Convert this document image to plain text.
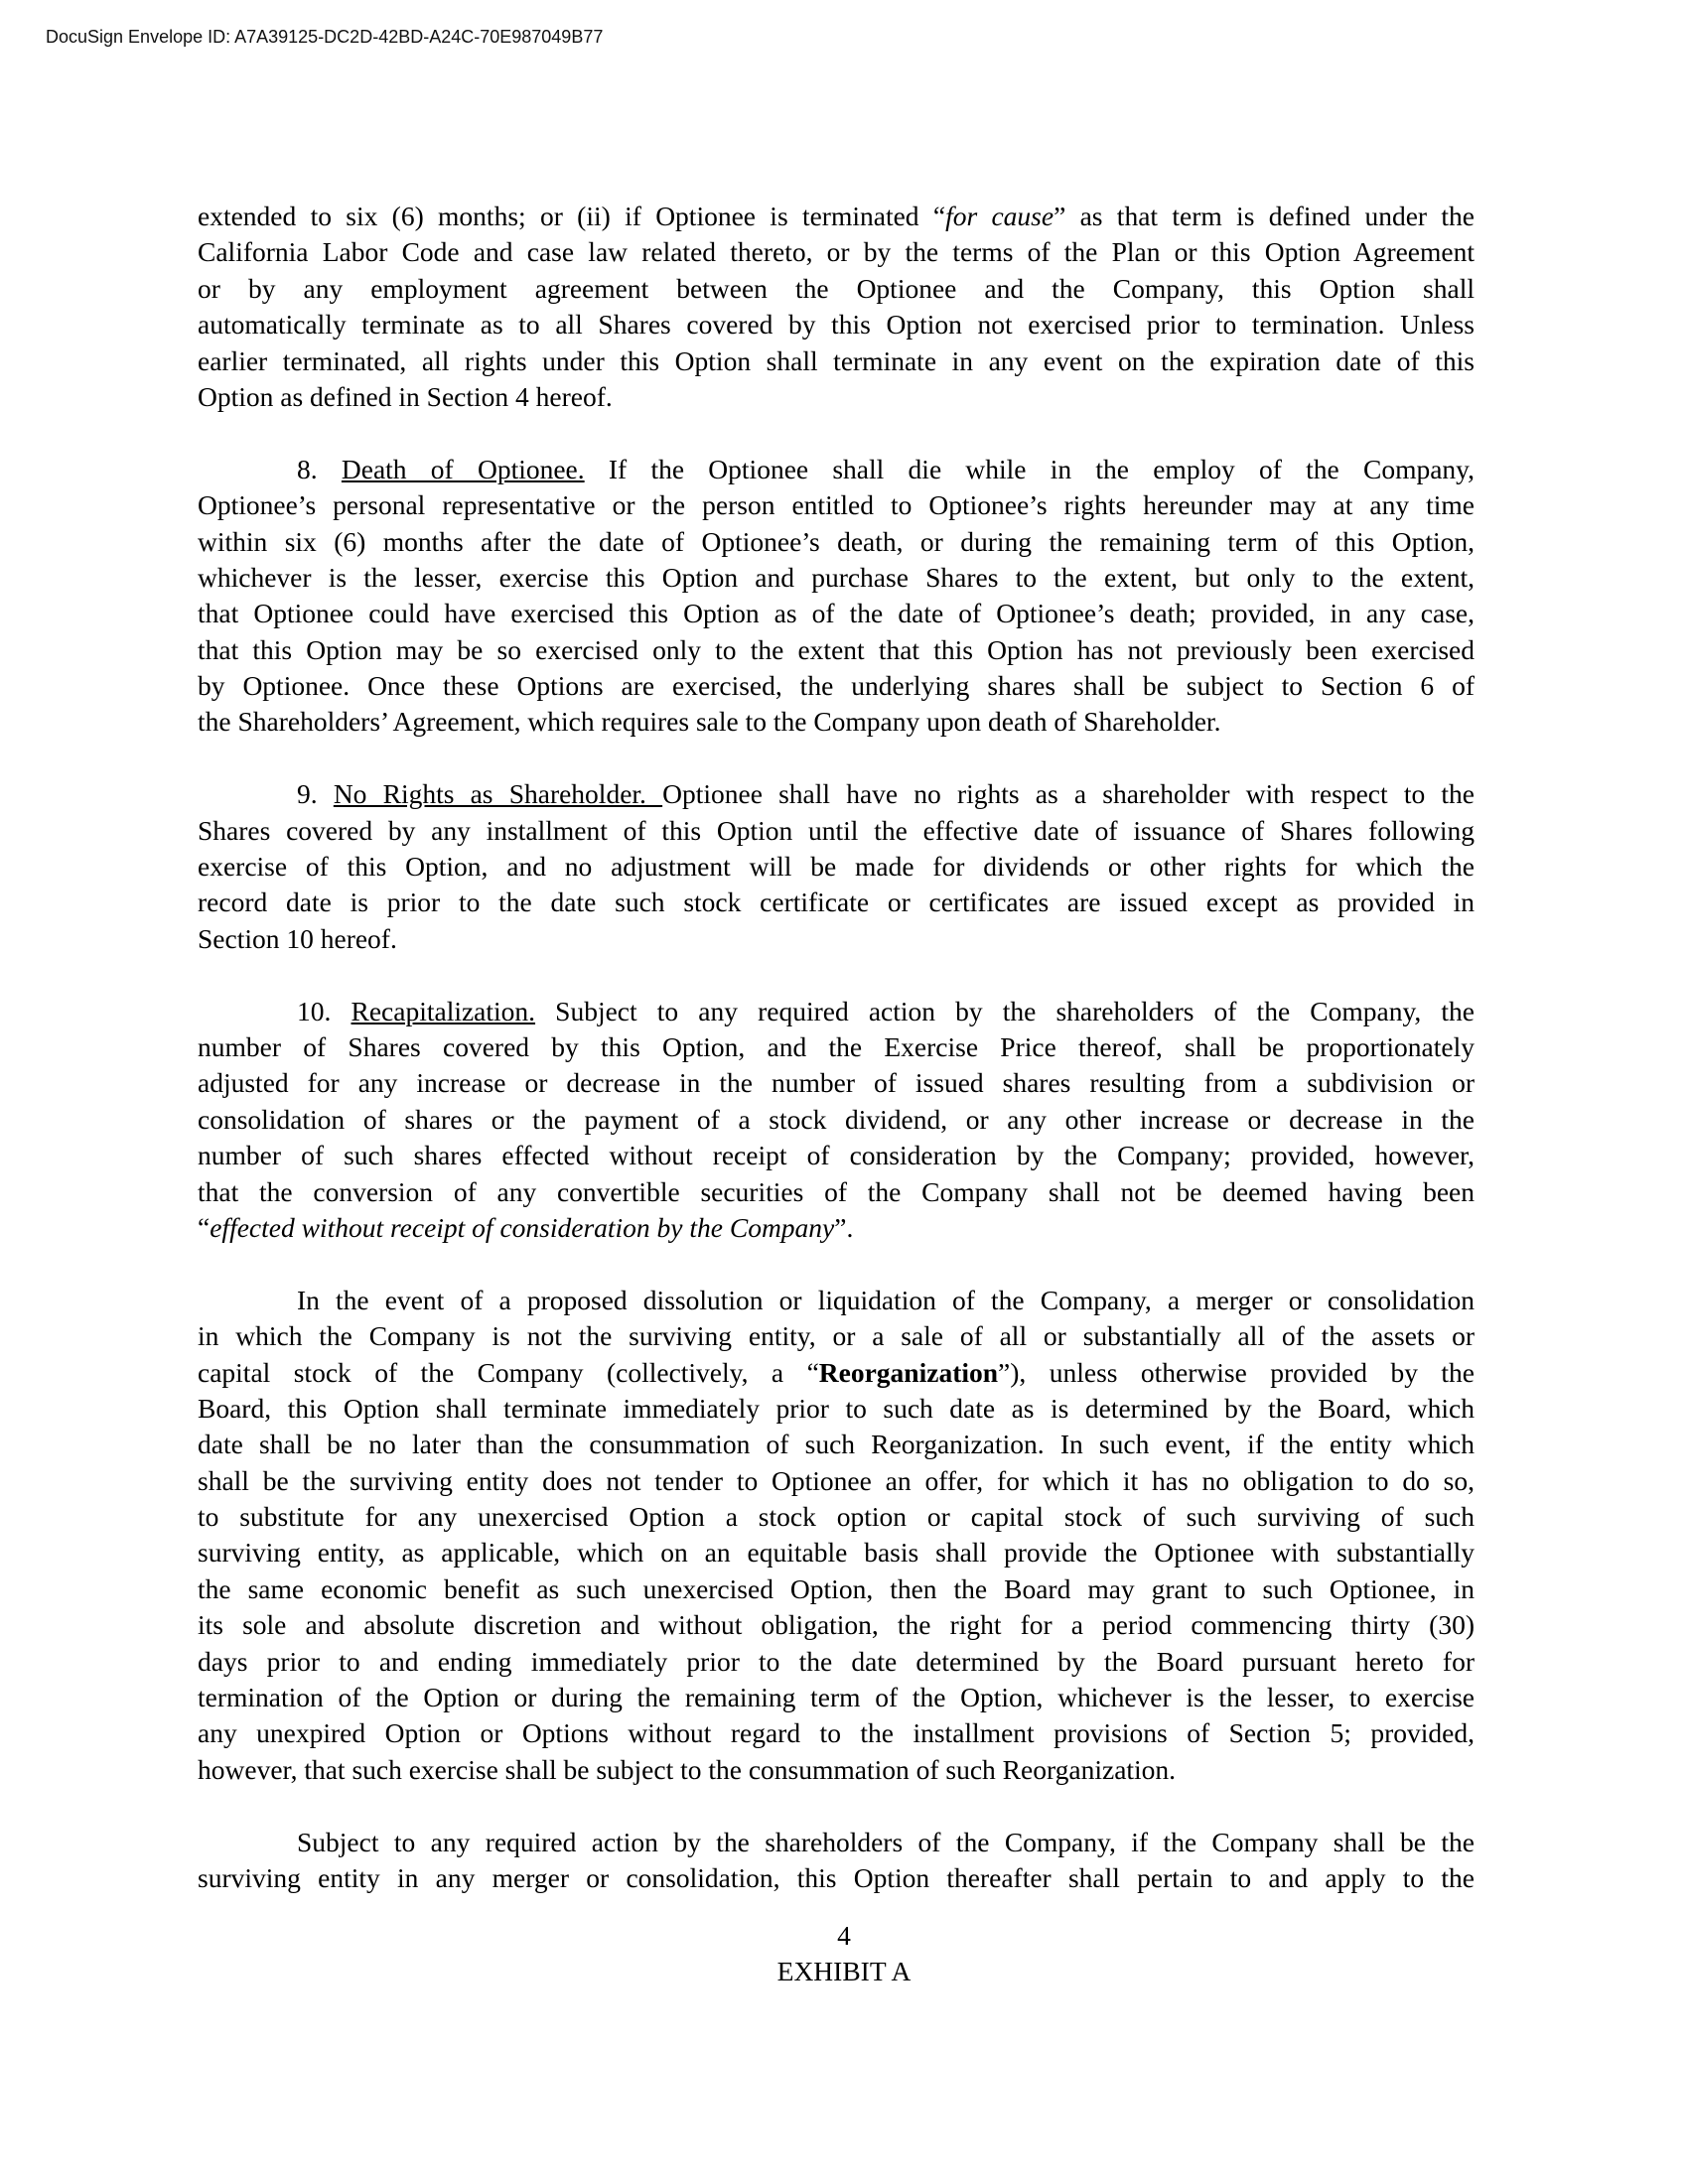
DocuSign Envelope ID: A7A39125-DC2D-42BD-A24C-70E987049B77
extended to six (6) months; or (ii) if Optionee is terminated “for cause” as that term is defined under the
California Labor Code and case law related thereto, or by the terms of the Plan or this Option Agreement
or by any employment agreement between the Optionee and the Company, this Option shall
automatically terminate as to all Shares covered by this Option not exercised prior to termination. Unless
earlier terminated, all rights under this Option shall terminate in any event on the expiration date of this
Option as defined in Section 4 hereof.
8. Death of Optionee. If the Optionee shall die while in the employ of the Company,
Optionee’s personal representative or the person entitled to Optionee’s rights hereunder may at any time
within six (6) months after the date of Optionee’s death, or during the remaining term of this Option,
whichever is the lesser, exercise this Option and purchase Shares to the extent, but only to the extent,
that Optionee could have exercised this Option as of the date of Optionee’s death; provided, in any case,
that this Option may be so exercised only to the extent that this Option has not previously been exercised
by Optionee. Once these Options are exercised, the underlying shares shall be subject to Section 6 of
the Shareholders’ Agreement, which requires sale to the Company upon death of Shareholder.
9. No Rights as Shareholder. Optionee shall have no rights as a shareholder with respect to the
Shares covered by any installment of this Option until the effective date of issuance of Shares following
exercise of this Option, and no adjustment will be made for dividends or other rights for which the
record date is prior to the date such stock certificate or certificates are issued except as provided in
Section 10 hereof.
10. Recapitalization. Subject to any required action by the shareholders of the Company, the
number of Shares covered by this Option, and the Exercise Price thereof, shall be proportionately
adjusted for any increase or decrease in the number of issued shares resulting from a subdivision or
consolidation of shares or the payment of a stock dividend, or any other increase or decrease in the
number of such shares effected without receipt of consideration by the Company; provided, however,
that the conversion of any convertible securities of the Company shall not be deemed having been
“effected without receipt of consideration by the Company”.
In the event of a proposed dissolution or liquidation of the Company, a merger or consolidation
in which the Company is not the surviving entity, or a sale of all or substantially all of the assets or
capital stock of the Company (collectively, a “Reorganization”), unless otherwise provided by the
Board, this Option shall terminate immediately prior to such date as is determined by the Board, which
date shall be no later than the consummation of such Reorganization. In such event, if the entity which
shall be the surviving entity does not tender to Optionee an offer, for which it has no obligation to do so,
to substitute for any unexercised Option a stock option or capital stock of such surviving of such
surviving entity, as applicable, which on an equitable basis shall provide the Optionee with substantially
the same economic benefit as such unexercised Option, then the Board may grant to such Optionee, in
its sole and absolute discretion and without obligation, the right for a period commencing thirty (30)
days prior to and ending immediately prior to the date determined by the Board pursuant hereto for
termination of the Option or during the remaining term of the Option, whichever is the lesser, to exercise
any unexpired Option or Options without regard to the installment provisions of Section 5; provided,
however, that such exercise shall be subject to the consummation of such Reorganization.
Subject to any required action by the shareholders of the Company, if the Company shall be the
surviving entity in any merger or consolidation, this Option thereafter shall pertain to and apply to the
4
EXHIBIT A
